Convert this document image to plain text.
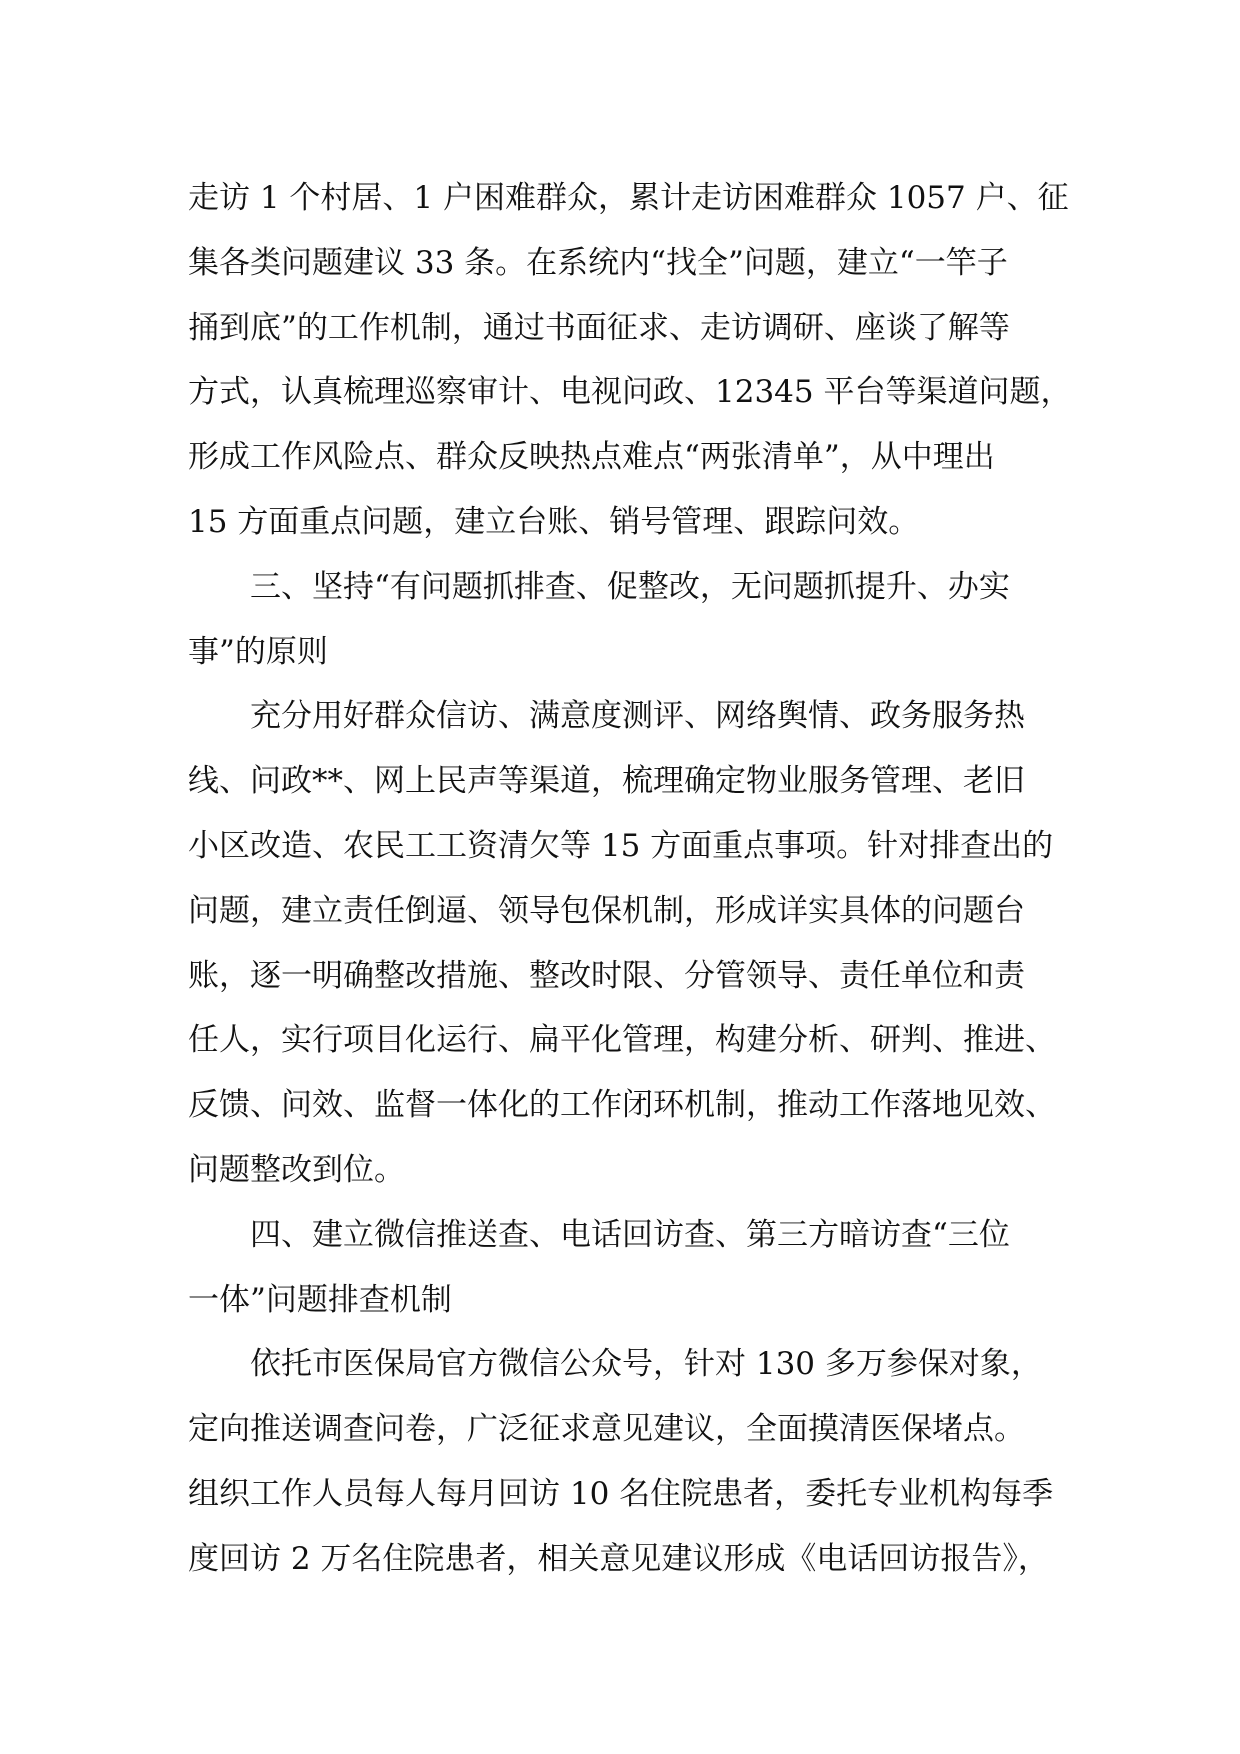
走访 1 个村居、1 户困难群众，累计走访困难群众 1057 户、征
集各类问题建议 33 条。在系统内“找全”问题，建立“一竿子
捅到底”的工作机制，通过书面征求、走访调研、座谈了解等
方式，认真梳理巡察审计、电视问政、12345 平台等渠道问题，
形成工作风险点、群众反映热点难点“两张清单”，从中理出
15 方面重点问题，建立台账、销号管理、跟踪问效。
三、坚持“有问题抓排查、促整改，无问题抓提升、办实
事”的原则
充分用好群众信访、满意度测评、网络舆情、政务服务热
线、问政**、网上民声等渠道，梳理确定物业服务管理、老旧
小区改造、农民工工资清欠等 15 方面重点事项。针对排查出的
问题，建立责任倒逼、领导包保机制，形成详实具体的问题台
账，逐一明确整改措施、整改时限、分管领导、责任单位和责
任人，实行项目化运行、扁平化管理，构建分析、研判、推进、
反馈、问效、监督一体化的工作闭环机制，推动工作落地见效、
问题整改到位。
四、建立微信推送查、电话回访查、第三方暗访查“三位
一体”问题排查机制
依托市医保局官方微信公众号，针对 130 多万参保对象，
定向推送调查问卷，广泛征求意见建议，全面摸清医保堵点。
组织工作人员每人每月回访 10 名住院患者，委托专业机构每季
度回访 2 万名住院患者，相关意见建议形成《电话回访报告》，
